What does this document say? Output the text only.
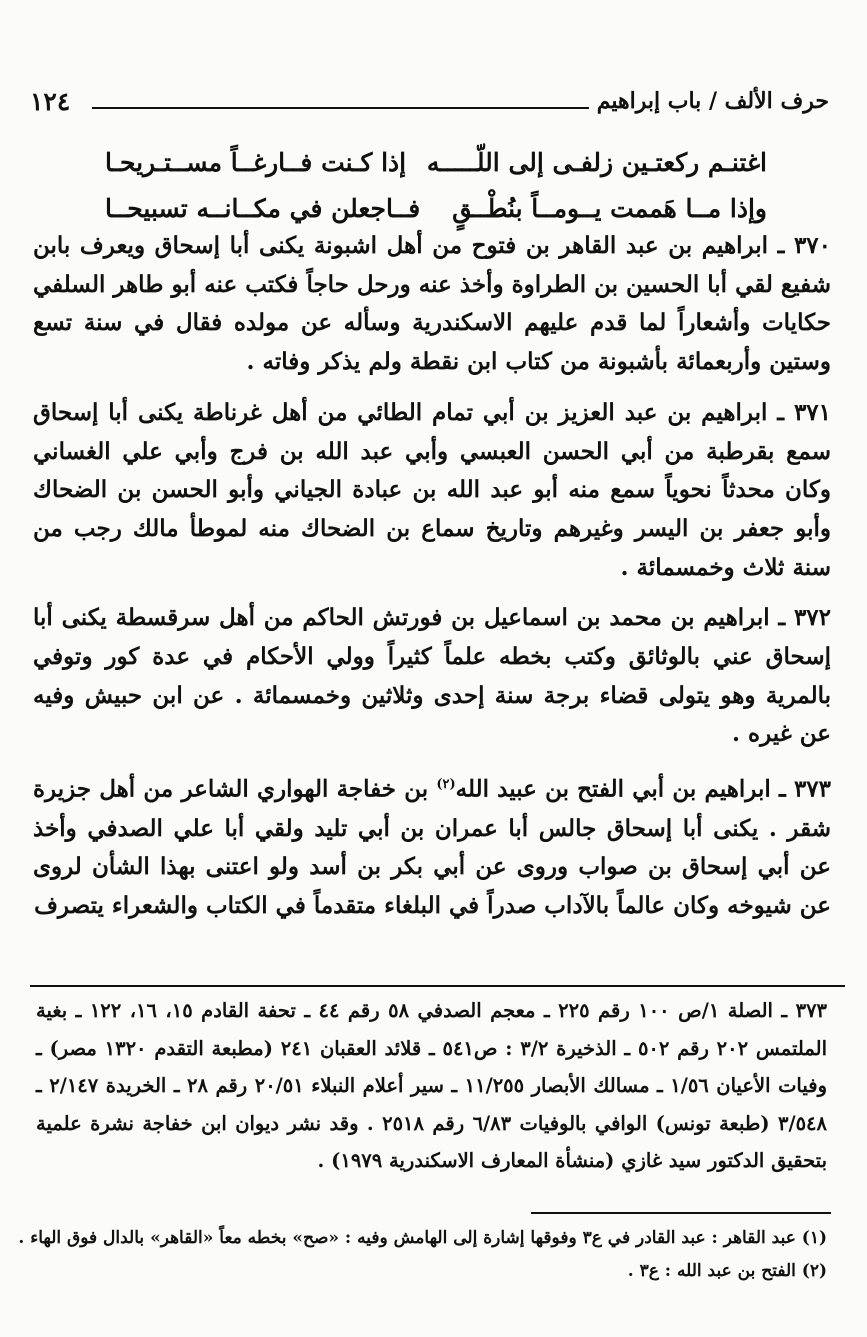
١٢٤	حرف الألف / باب إبراهيم
اغتنـم ركعتـين زلفـى إلى اللّـــــه
إذا كـنت فــارغــاً مســتـريحـا
وإذا مــا هَممت يــومــاً بنُطْــقٍ
فــاجعلن في مكــانــه تسبيحــا

٣٧٠ ـ ابراهيم بن عبد القاهر بن فتوح من أهل اشبونة يكنى أبا إسحاق ويعرف بابن شفيع لقي أبا الحسين بن الطراوة وأخذ عنه ورحل حاجاً فكتب عنه أبو طاهر السلفي حكايات وأشعاراً لما قدم عليهم الاسكندرية وسأله عن مولده فقال في سنة تسع وستين وأربعمائة بأشبونة من كتاب ابن نقطة ولم يذكر وفاته .

٣٧١ ـ ابراهيم بن عبد العزيز بن أبي تمام الطائي من أهل غرناطة يكنى أبا إسحاق سمع بقرطبة من أبي الحسن العبسي وأبي عبد الله بن فرج وأبي علي الغساني وكان محدثاً نحوياً سمع منه أبو عبد الله بن عبادة الجياني وأبو الحسن بن الضحاك وأبو جعفر بن اليسر وغيرهم وتاريخ سماع بن الضحاك منه لموطأ مالك رجب من سنة ثلاث وخمسمائة .

٣٧٢ ـ ابراهيم بن محمد بن اسماعيل بن فورتش الحاكم من أهل سرقسطة يكنى أبا إسحاق عني بالوثائق وكتب بخطه علماً كثيراً وولي الأحكام في عدة كور وتوفي بالمرية وهو يتولى قضاء برجة سنة إحدى وثلاثين وخمسمائة . عن ابن حبيش وفيه عن غيره .

٣٧٣ ـ ابراهيم بن أبي الفتح بن عبيد الله$^{(٢)}$ بن خفاجة الهواري الشاعر من أهل جزيرة شقر . يكنى أبا إسحاق جالس أبا عمران بن أبي تليد ولقي أبا علي الصدفي وأخذ عن أبي إسحاق بن صواب وروى عن أبي بكر بن أسد ولو اعتنى بهذا الشأن لروى عن شيوخه وكان عالماً بالآداب صدراً في البلغاء متقدماً في الكتاب والشعراء يتصرف

٣٧٣ ـ الصلة ١/ص ١٠٠ رقم ٢٢٥ ـ معجم الصدفي ٥٨ رقم ٤٤ ـ تحفة القادم ١٥، ١٦، ١٢٢ ـ بغية الملتمس ٢٠٢ رقم ٥٠٢ ـ الذخيرة ٣/٢ : ص٥٤١ ـ قلائد العقبان ٢٤١ (مطبعة التقدم ١٣٢٠ مصر) ـ وفيات الأعيان ١/٥٦ ـ مسالك الأبصار ١١/٢٥٥ ـ سير أعلام النبلاء ٢٠/٥١ رقم ٢٨ ـ الخريدة ٢/١٤٧ ـ ٣/٥٤٨ (طبعة تونس) الوافي بالوفيات ٦/٨٣ رقم ٢٥١٨ . وقد نشر ديوان ابن خفاجة نشرة علمية بتحقيق الدكتور سيد غازي (منشأة المعارف الاسكندرية ١٩٧٩) .
(١) عبد القاهر : عبد القادر في ع٣ وفوقها إشارة إلى الهامش وفيه : «صح» بخطه معاً «القاهر» بالدال فوق الهاء .
(٢) الفتح بن عبد الله : ع٣ .
